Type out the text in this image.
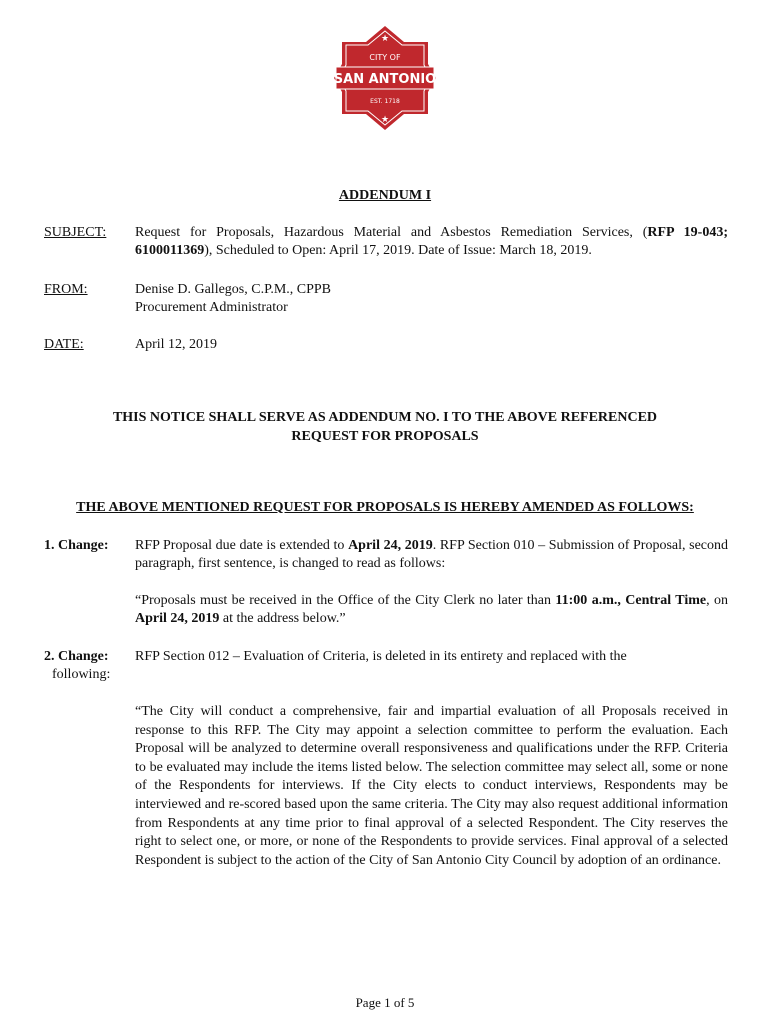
★
CITY OF
SAN ANTONIO
EST. 1718
★
ADDENDUM I
SUBJECT: Request for Proposals, Hazardous Material and Asbestos Remediation Services, (RFP 19-043; 6100011369), Scheduled to Open: April 17, 2019. Date of Issue: March 18, 2019.
FROM:	Denise D. Gallegos, C.P.M., CPPB
Procurement Administrator
DATE:	April 12, 2019
THIS NOTICE SHALL SERVE AS ADDENDUM NO. I TO THE ABOVE REFERENCED
REQUEST FOR PROPOSALS
THE ABOVE MENTIONED REQUEST FOR PROPOSALS IS HEREBY AMENDED AS FOLLOWS:
1. Change: RFP Proposal due date is extended to April 24, 2019. RFP Section 010 – Submission of Proposal, second paragraph, first sentence, is changed to read as follows:
“Proposals must be received in the Office of the City Clerk no later than 11:00 a.m., Central Time, on April 24, 2019 at the address below.”
2. Change: RFP Section 012 – Evaluation of Criteria, is deleted in its entirety and replaced with the
following:
“The City will conduct a comprehensive, fair and impartial evaluation of all Proposals received in response to this RFP. The City may appoint a selection committee to perform the evaluation. Each Proposal will be analyzed to determine overall responsiveness and qualifications under the RFP. Criteria to be evaluated may include the items listed below. The selection committee may select all, some or none of the Respondents for interviews. If the City elects to conduct interviews, Respondents may be interviewed and re-scored based upon the same criteria. The City may also request additional information from Respondents at any time prior to final approval of a selected Respondent. The City reserves the right to select one, or more, or none of the Respondents to provide services. Final approval of a selected Respondent is subject to the action of the City of San Antonio City Council by adoption of an ordinance.
Page 1 of 5
